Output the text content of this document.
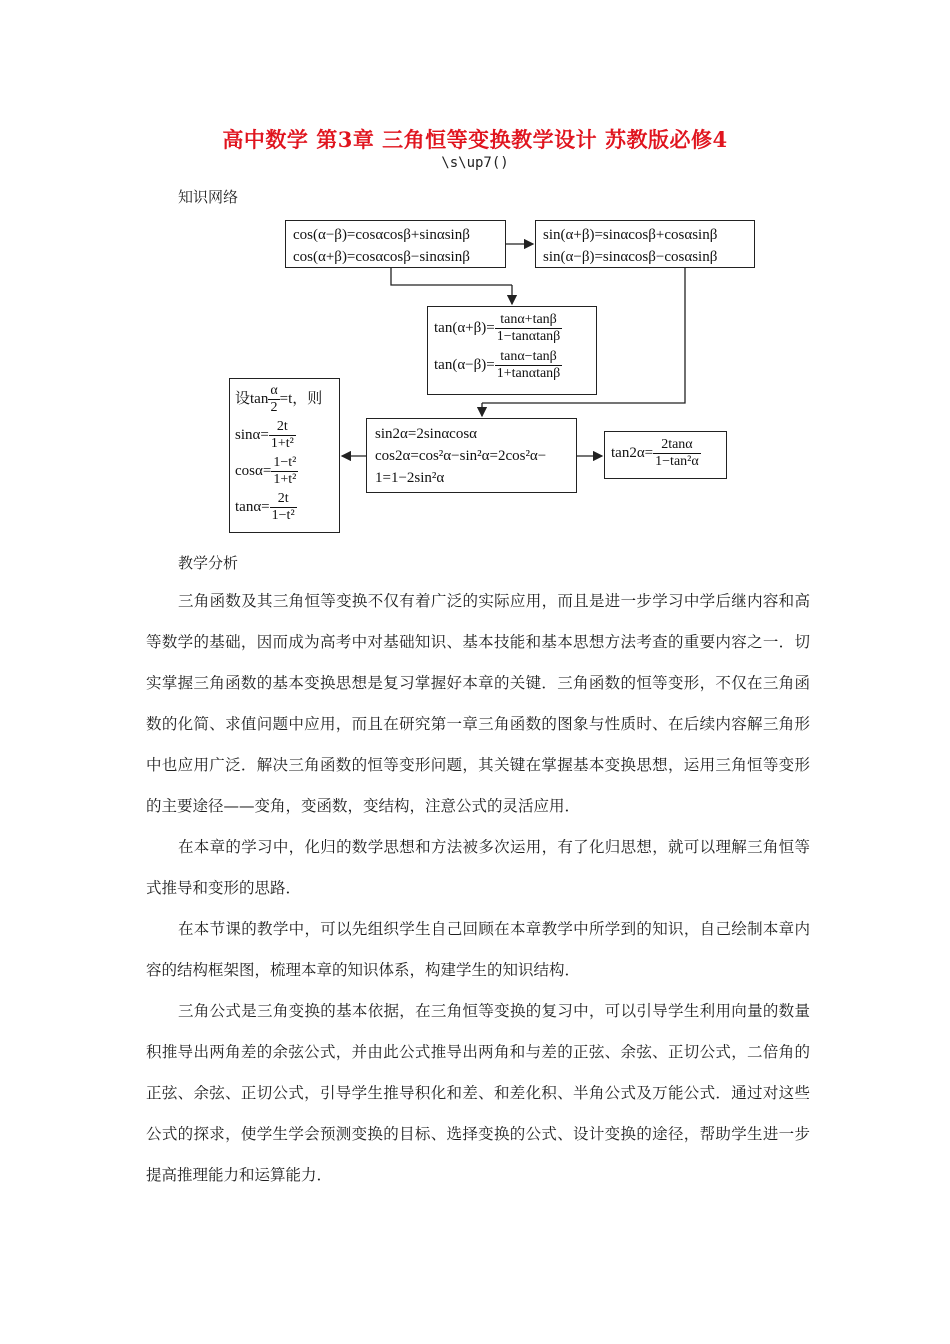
高中数学 第3章 三角恒等变换教学设计 苏教版必修4
\s\up7()
知识网络
cos(α−β)=cosαcosβ+sinαsinβ
cos(α+β)=cosαcosβ−sinαsinβ
sin(α+β)=sinαcosβ+cosαsinβ
sin(α−β)=sinαcosβ−cosαsinβ
$\tan(\alpha+\beta)= \frac{\tan\alpha+\tan\beta}{1-\tan\alpha\tan\beta}$
$\tan(\alpha-\beta)= \frac{\tan\alpha-\tan\beta}{1+\tan\alpha\tan\beta}$
设$\tan \frac{\alpha}{2} =t$，则
$\sin\alpha= \frac{2t}{\text{1+t²}}$
$\cos\alpha= \frac{\text{1−t²}}{\text{1+t²}}$
$\tan\alpha= \frac{2t}{\text{1−t²}}$
sin2α=2sinαcosα
cos2α=cos²α−sin²α=2cos²α−
1=1−2sin²α
$\tan 2\alpha= \frac{2\tan\alpha}{\text{1−tan²α}}$
教学分析

三角函数及其三角恒等变换不仅有着广泛的实际应用，而且是进一步学习中学后继内容和高等数学的基础，因而成为高考中对基础知识、基本技能和基本思想方法考查的重要内容之一．切实掌握三角函数的基本变换思想是复习掌握好本章的关键．三角函数的恒等变形，不仅在三角函数的化简、求值问题中应用，而且在研究第一章三角函数的图象与性质时、在后续内容解三角形中也应用广泛．解决三角函数的恒等变形问题，其关键在掌握基本变换思想，运用三角恒等变形的主要途径——变角，变函数，变结构，注意公式的灵活应用．

在本章的学习中，化归的数学思想和方法被多次运用，有了化归思想，就可以理解三角恒等式推导和变形的思路．

在本节课的教学中，可以先组织学生自己回顾在本章教学中所学到的知识，自己绘制本章内容的结构框架图，梳理本章的知识体系，构建学生的知识结构．

三角公式是三角变换的基本依据，在三角恒等变换的复习中，可以引导学生利用向量的数量积推导出两角差的余弦公式，并由此公式推导出两角和与差的正弦、余弦、正切公式，二倍角的正弦、余弦、正切公式，引导学生推导积化和差、和差化积、半角公式及万能公式．通过对这些公式的探求，使学生学会预测变换的目标、选择变换的公式、设计变换的途径，帮助学生进一步提高推理能力和运算能力．
